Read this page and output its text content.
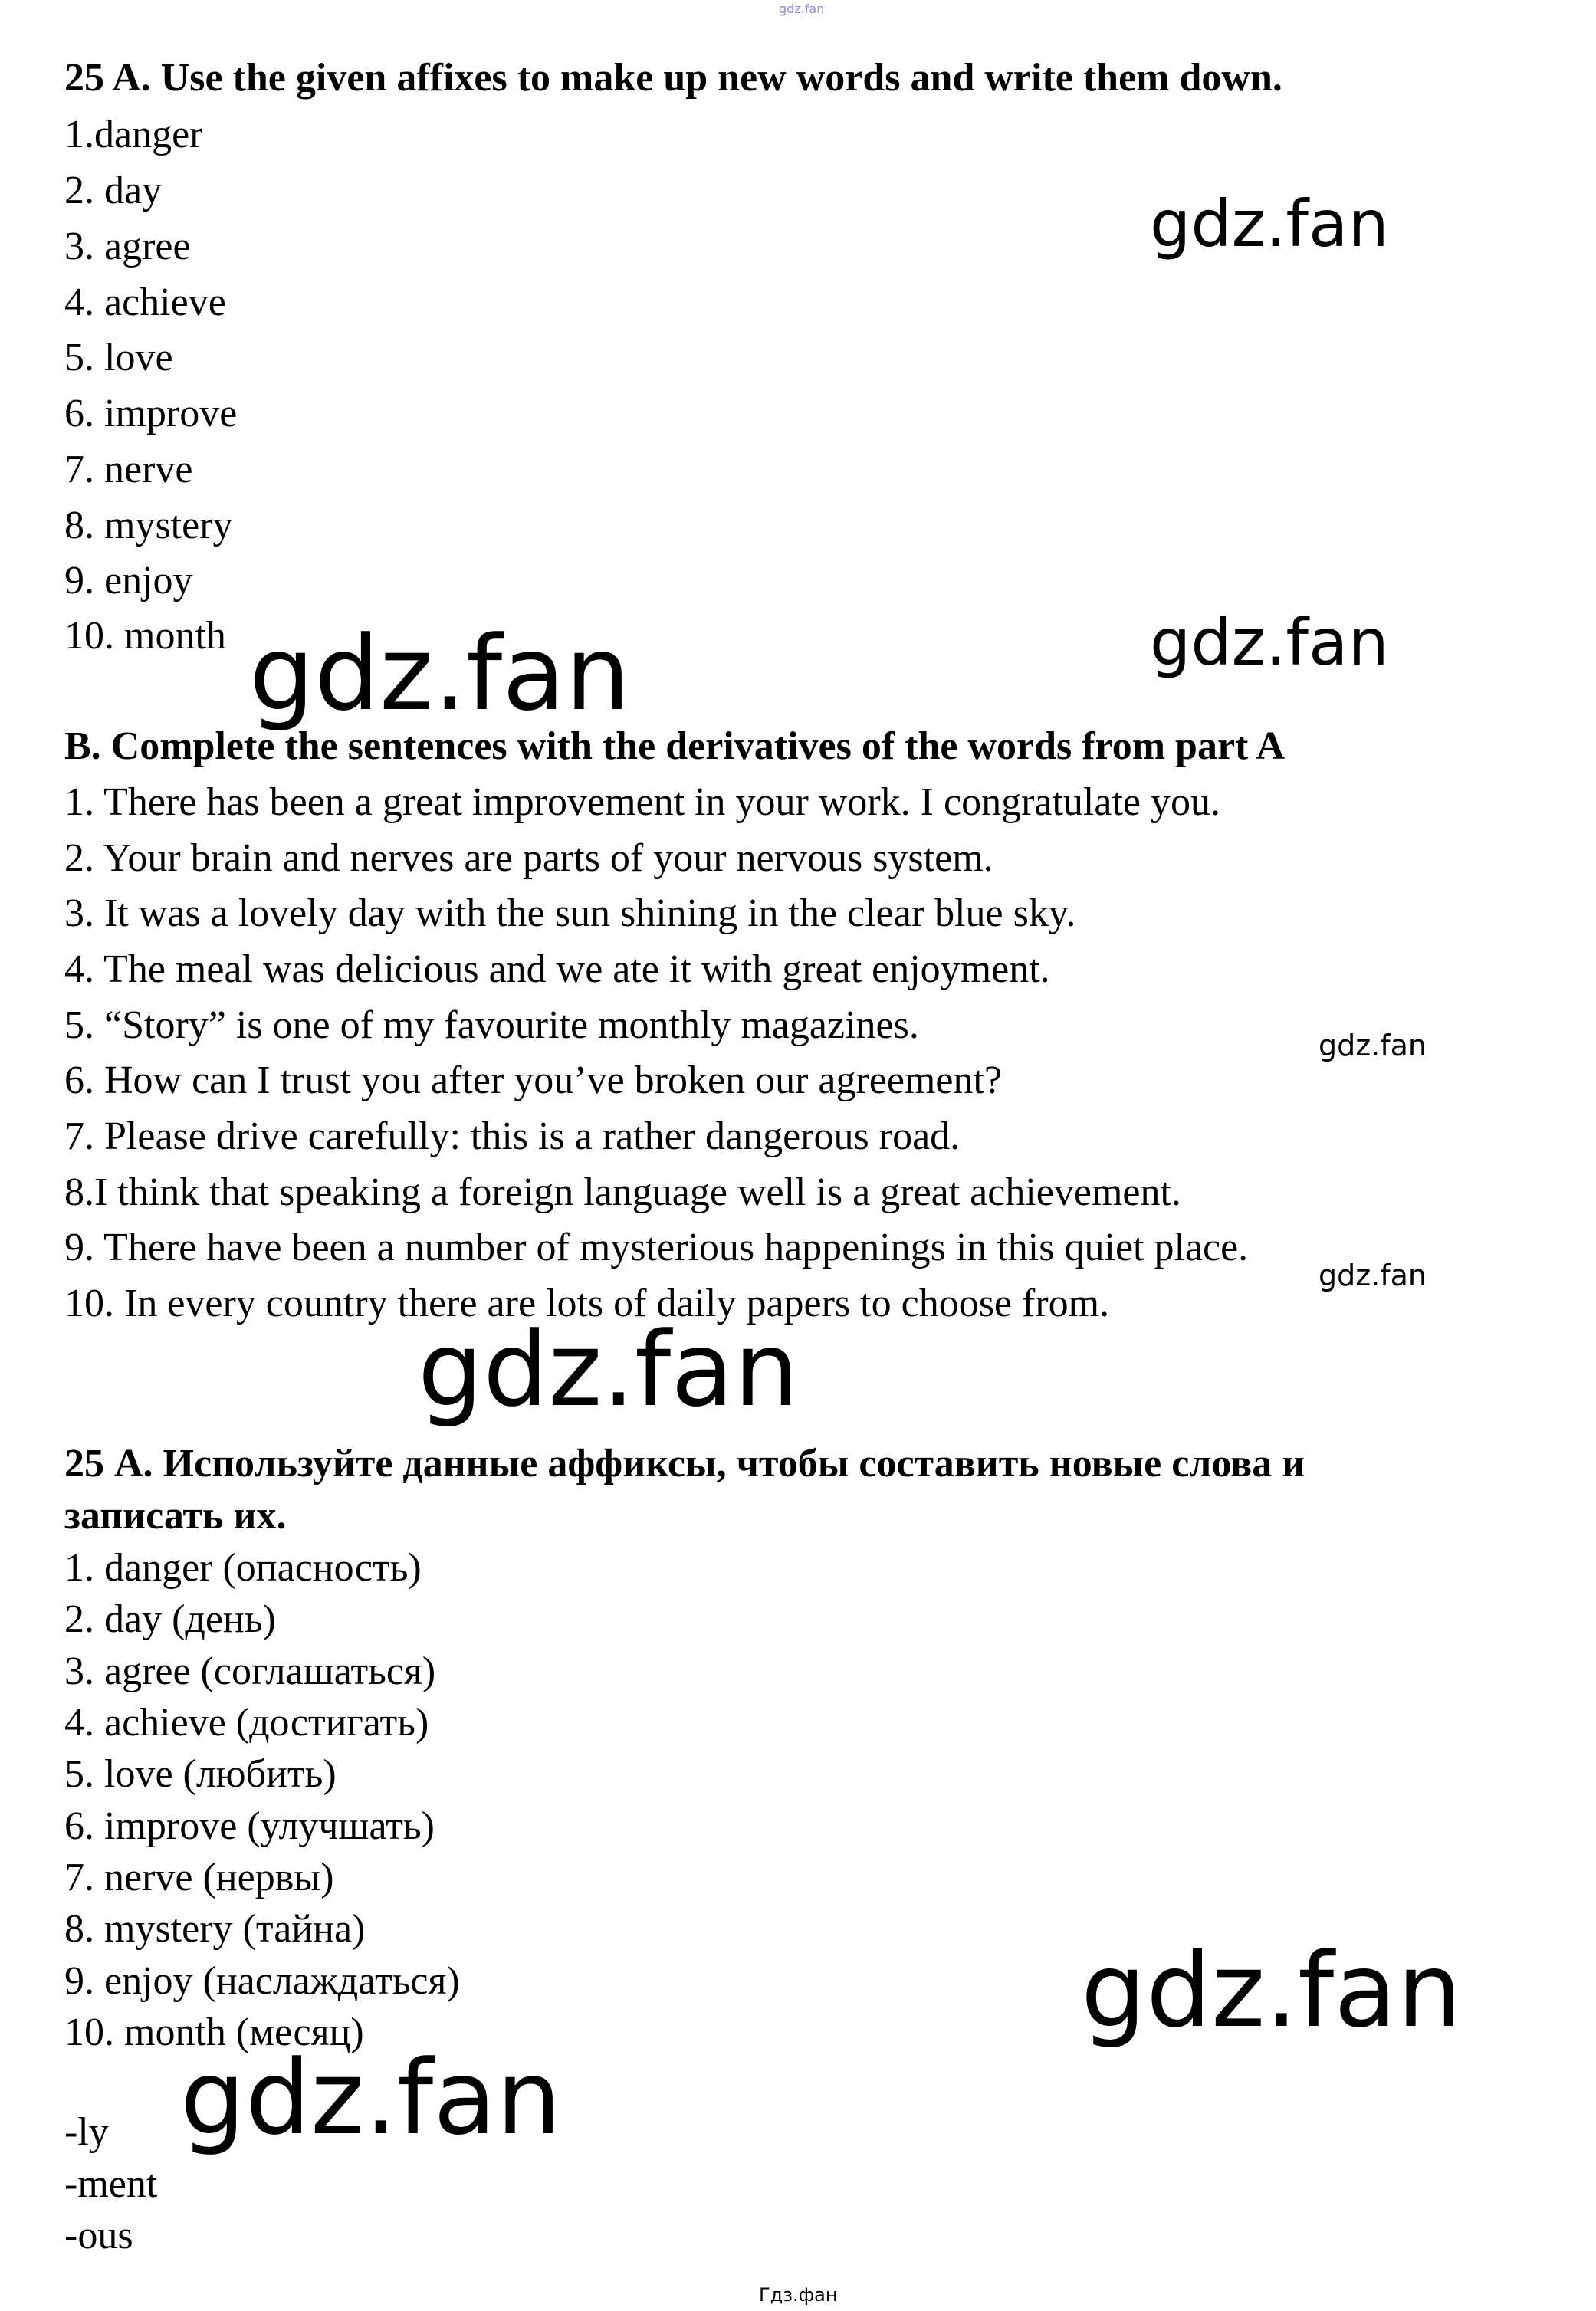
gdz.fan
25 A. Use the given affixes to make up new words and write them down.
1.danger
2. day
3. agree
4. achieve
5. love
6. improve
7. nerve
8. mystery
9. enjoy
10. month
B. Complete the sentences with the derivatives of the words from part A
1. There has been a great improvement in your work. I congratulate you.
2. Your brain and nerves are parts of your nervous system.
3. It was a lovely day with the sun shining in the clear blue sky.
4. The meal was delicious and we ate it with great enjoyment.
5. “Story” is one of my favourite monthly magazines.
6. How can I trust you after you’ve broken our agreement?
7. Please drive carefully: this is a rather dangerous road.
8.I think that speaking a foreign language well is a great achievement.
9. There have been a number of mysterious happenings in this quiet place.
10. In every country there are lots of daily papers to choose from.
25 А. Используйте данные аффиксы, чтобы составить новые слова и
записать их.
1. danger (опасность)
2. day (день)
3. agree (соглашаться)
4. achieve (достигать)
5. love (любить)
6. improve (улучшать)
7. nerve (нервы)
8. mystery (тайна)
9. enjoy (наслаждаться)
10. month (месяц)
-ly
-ment
-ous
gdz.fan
gdz.fan	gdz.fan
gdz.fan
gdz.fan
gdz.fan
gdz.fan
gdz.fan
Гдз.фан
